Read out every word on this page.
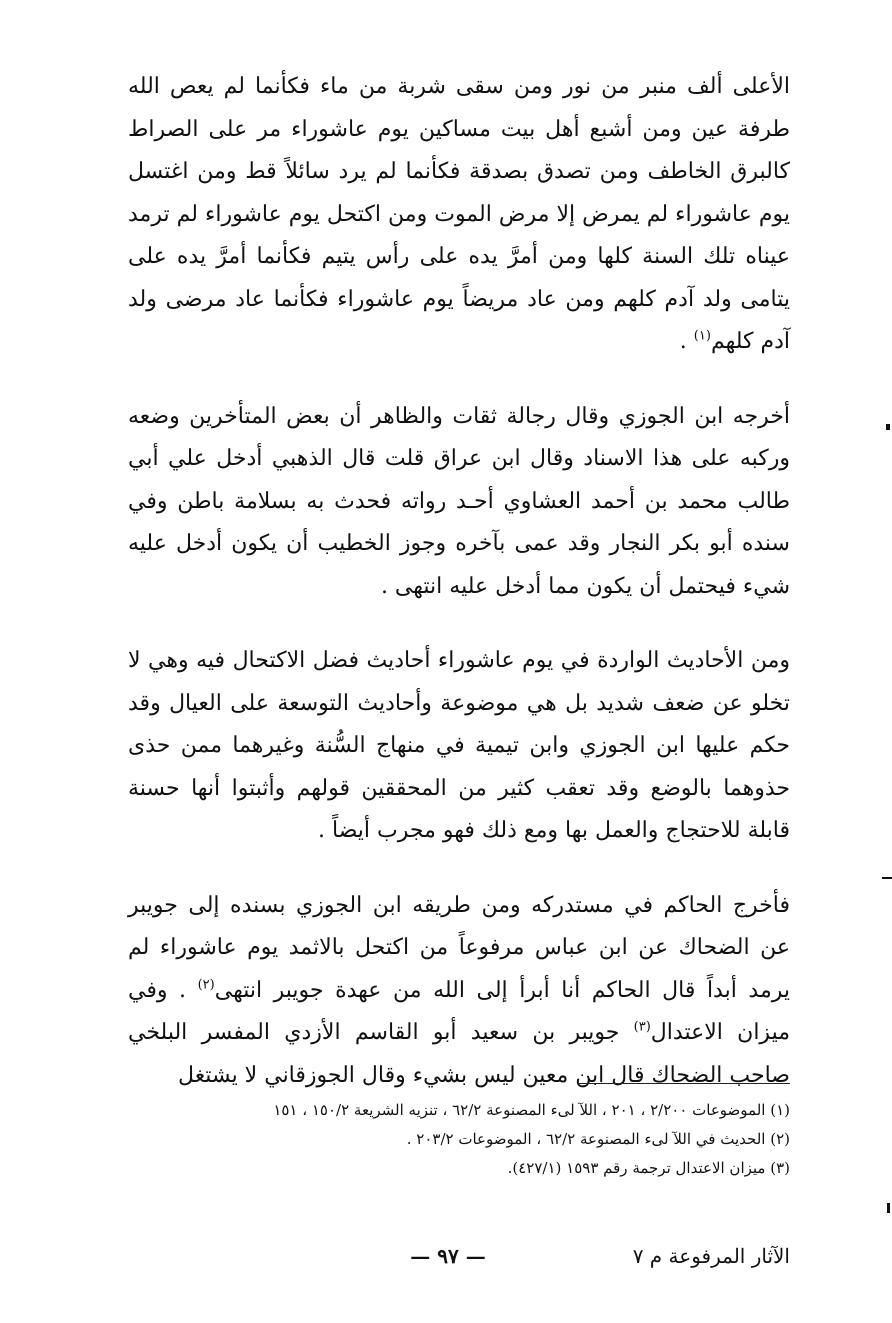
الأعلى ألف منبر من نور ومن سقى شربة من ماء فكأنما لم يعص الله طرفة عين ومن أشبع أهل بيت مساكين يوم عاشوراء مر على الصراط كالبرق الخاطف ومن تصدق بصدقة فكأنما لم يرد سائلاً قط ومن اغتسل يوم عاشوراء لم يمرض إلا مرض الموت ومن اكتحل يوم عاشوراء لم ترمد عيناه تلك السنة كلها ومن أمرَّ يده على رأس يتيم فكأنما أمرَّ يده على يتامى ولد آدم كلهم ومن عاد مريضاً يوم عاشوراء فكأنما عاد مرضى ولد آدم كلهم$^{(١)}$ .

أخرجه ابن الجوزي وقال رجالة ثقات والظاهر أن بعض المتأخرين وضعه وركبه على هذا الاسناد وقال ابن عراق قلت قال الذهبي أدخل علي أبي طالب محمد بن أحمد العشاوي أحـد رواته فحدث به بسلامة باطن وفي سنده أبو بكر النجار وقد عمى بآخره وجوز الخطيب أن يكون أدخل عليه شيء فيحتمل أن يكون مما أدخل عليه انتهى .

ومن الأحاديث الواردة في يوم عاشوراء أحاديث فضل الاكتحال فيه وهي لا تخلو عن ضعف شديد بل هي موضوعة وأحاديث التوسعة على العيال وقد حكم عليها ابن الجوزي وابن تيمية في منهاج السُّنة وغيرهما ممن حذى حذوهما بالوضع وقد تعقب كثير من المحققين قولهم وأثبتوا أنها حسنة قابلة للاحتجاج والعمل بها ومع ذلك فهو مجرب أيضاً .

فأخرج الحاكم في مستدركه ومن طريقه ابن الجوزي بسنده إلى جويبر عن الضحاك عن ابن عباس مرفوعاً من اكتحل بالاثمد يوم عاشوراء لم يرمد أبداً قال الحاكم أنا أبرأ إلى الله من عهدة جويبر انتهى$^{(٢)}$ . وفي ميزان الاعتدال$^{(٣)}$ جويبر بن سعيد أبو القاسم الأزدي المفسر البلخي صاحب الضحاك قال ابن معين ليس بشيء وقال الجوزقاني لا يشتغل

(١) الموضوعات ٢/٢٠٠ ، ٢٠١ ، اللآ لىء المصنوعة ٦٢/٢ ، تنزيه الشريعة ١٥٠/٢ ، ١٥١
(٢) الحديث في اللآ لىء المصنوعة ٦٢/٢ ، الموضوعات ٢٠٣/٢ .
(٣) ميزان الاعتدال ترجمة رقم ١٥٩٣ (٤٢٧/١).
الآثار المرفوعة م ٧
— ٩٧ —
